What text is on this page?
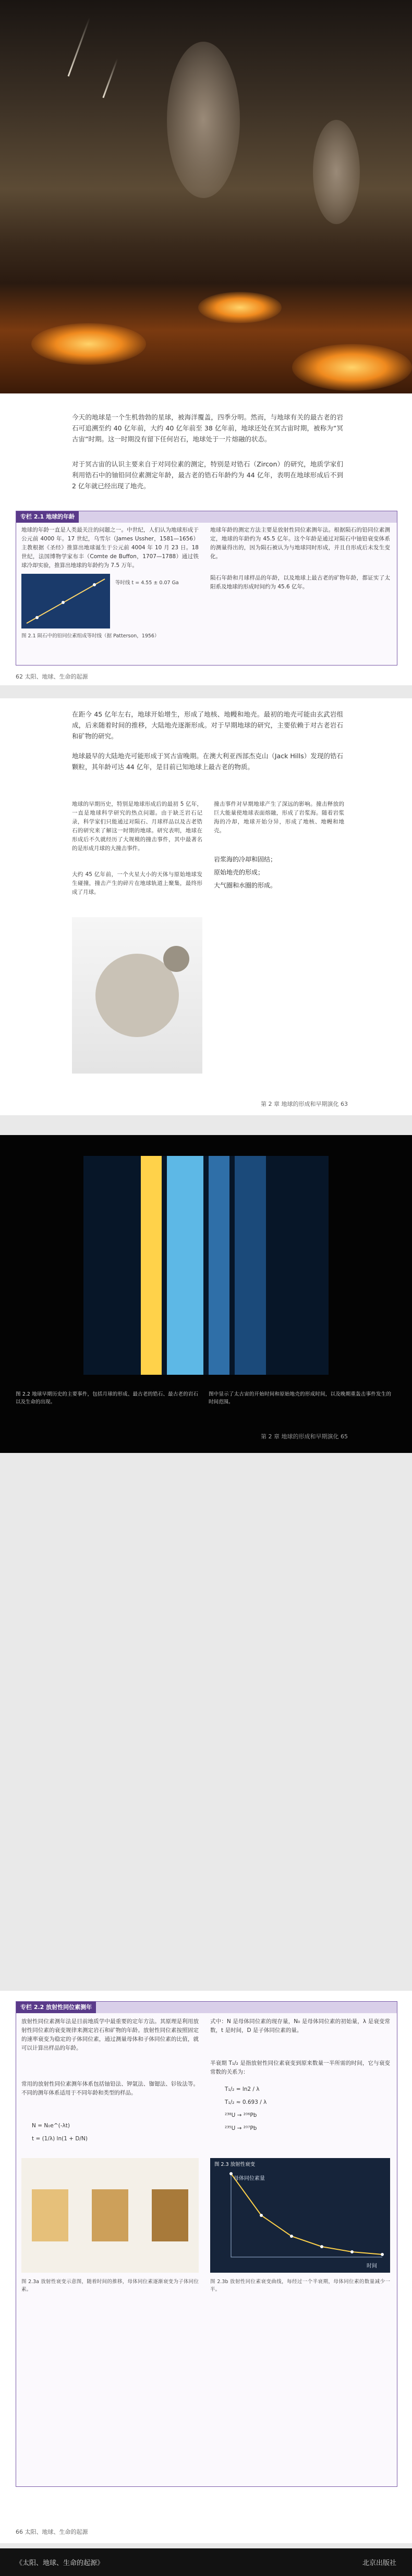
今天的地球是一个生机勃勃的星球，被海洋覆盖，四季分明。然而，与地球有关的最古老的岩石可追溯至约 40 亿年前，大约 40 亿年前至 38 亿年前，地球还处在冥古宙时期，被称为“冥古宙”时期。这一时期没有留下任何岩石，地球处于一片熔融的状态。
对于冥古宙的认识主要来自于对同位素的测定，特别是对锆石（Zircon）的研究，地质学家们利用锆石中的铀铅同位素测定年龄，最古老的锆石年龄约为 44 亿年，表明在地球形成后不到 2 亿年就已经出现了地壳。
专栏 2.1 地球的年龄
地球的年龄一直是人类最关注的问题之一。中世纪，人们认为地球形成于公元前 4000 年。17 世纪，乌雪尔（James Ussher，1581—1656）主教根据《圣经》推算出地球诞生于公元前 4004 年 10 月 23 日。18 世纪，法国博物学家布丰（Comte de Buffon，1707—1788）通过铁球冷却实验，推算出地球的年龄约为 7.5 万年。
等时线 t = 4.55 ± 0.07 Ga
图 2.1 陨石中的铅同位素组成等时线（据 Patterson，1956）
地球年龄的测定方法主要是放射性同位素测年法。根据陨石的铅同位素测定，地球的年龄约为 45.5 亿年。这个年龄是通过对陨石中铀铅衰变体系的测量得出的，因为陨石被认为与地球同时形成，并且自形成后未发生变化。
陨石年龄和月球样品的年龄，以及地球上最古老的矿物年龄，都证实了太阳系及地球的形成时间约为 45.6 亿年。
62 太阳、地球、生命的起源
在距今 45 亿年左右，地球开始增生，形成了地核、地幔和地壳。最初的地壳可能由玄武岩组成，后来随着时间的推移，大陆地壳逐渐形成。对于早期地球的研究，主要依赖于对古老岩石和矿物的研究。
地球最早的大陆地壳可能形成于冥古宙晚期。在澳大利亚西部杰克山（Jack Hills）发现的锆石颗粒，其年龄可达 44 亿年，是目前已知地球上最古老的物质。
地球的早期历史，特别是地球形成后的最初 5 亿年，一直是地球科学研究的热点问题。由于缺乏岩石记录，科学家们只能通过对陨石、月球样品以及古老锆石的研究来了解这一时期的地球。研究表明，地球在形成后不久就经历了大规模的撞击事件，其中最著名的是形成月球的大撞击事件。
大约 45 亿年前，一个火星大小的天体与原始地球发生碰撞，撞击产生的碎片在地球轨道上聚集，最终形成了月球。
撞击事件对早期地球产生了深远的影响。撞击释放的巨大能量使地球表面熔融，形成了岩浆海。随着岩浆海的冷却，地球开始分异，形成了地核、地幔和地壳。
岩浆海的冷却和固结；
原始地壳的形成；
大气圈和水圈的形成。
第 2 章 地球的形成和早期演化 63
图 2.2 地球早期历史的主要事件，包括月球的形成、最古老的锆石、最古老的岩石以及生命的出现。
图中显示了太古宙的开始时间和原始地壳的形成时间，以及晚期重轰击事件发生的时间范围。
第 2 章 地球的形成和早期演化 65
专栏 2.2 放射性同位素测年
放射性同位素测年法是目前地质学中最重要的定年方法。其原理是利用放射性同位素的衰变规律来测定岩石和矿物的年龄。放射性同位素按照固定的速率衰变为稳定的子体同位素，通过测量母体和子体同位素的比值，就可以计算出样品的年龄。
常用的放射性同位素测年体系包括铀铅法、钾氩法、铷锶法、钐钕法等。不同的测年体系适用于不同年龄和类型的样品。
N = N₀e^(-λt)
t = (1/λ) ln(1 + D/N)
图 2.3a 放射性衰变示意图，随着时间的推移，母体同位素逐渐衰变为子体同位素。
式中：N 是母体同位素的现存量，N₀ 是母体同位素的初始量，λ 是衰变常数，t 是时间，D 是子体同位素的量。
半衰期 T₁/₂ 是指放射性同位素衰变到原来数量一半所需的时间，它与衰变常数的关系为：
T₁/₂ = ln2 / λ
T₁/₂ ≈ 0.693 / λ
²³⁸U → ²⁰⁶Pb
²³⁵U → ²⁰⁷Pb
时间
母体同位素量
图 2.3 放射性衰变
图 2.3b 放射性同位素衰变曲线，每经过一个半衰期，母体同位素的数量减少一半。
66 太阳、地球、生命的起源
《太阳、地球、生命的起源》	北京出版社
